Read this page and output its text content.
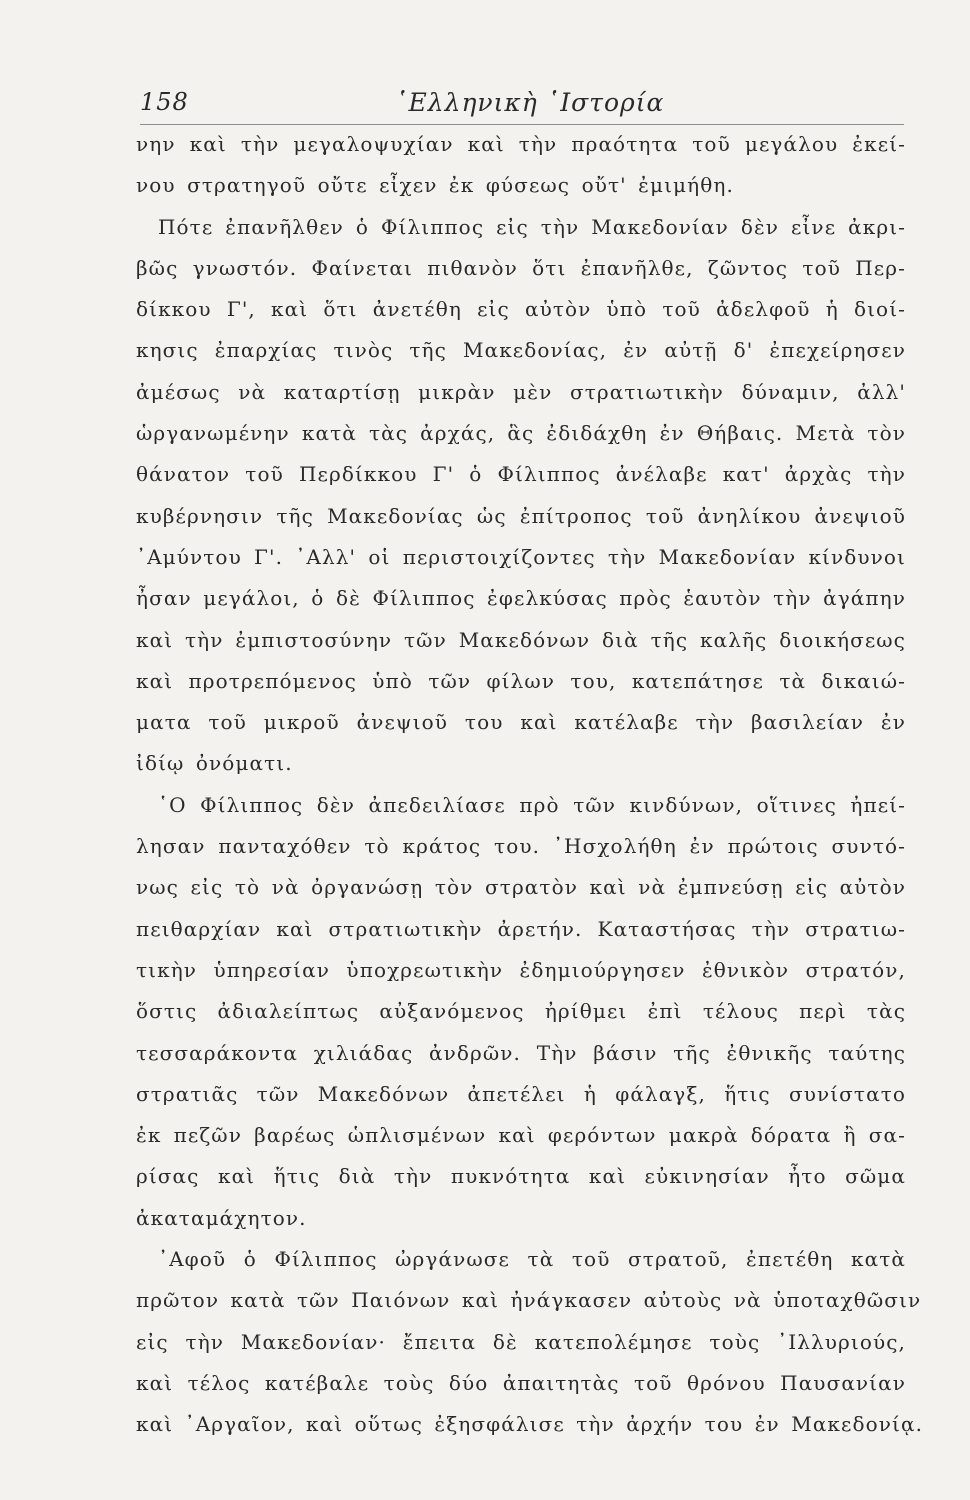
158	῾Ελληνικὴ ῾Ιστορία
νην καὶ τὴν μεγαλοψυχίαν καὶ τὴν πραότητα τοῦ μεγάλου ἐκεί-
νου στρατηγοῦ οὔτε εἶχεν ἐκ φύσεως οὔτ' ἐμιμήθη.
Πότε ἐπανῆλθεν ὁ Φίλιππος εἰς τὴν Μακεδονίαν δὲν εἶνε ἀκρι-
βῶς γνωστόν. Φαίνεται πιθανὸν ὅτι ἐπανῆλθε, ζῶντος τοῦ Περ-
δίκκου Γ', καὶ ὅτι ἀνετέθη εἰς αὐτὸν ὑπὸ τοῦ ἀδελφοῦ ἡ διοί-
κησις ἐπαρχίας τινὸς τῆς Μακεδονίας, ἐν αὐτῇ δ' ἐπεχείρησεν
ἀμέσως νὰ καταρτίσῃ μικρὰν μὲν στρατιωτικὴν δύναμιν, ἀλλ'
ὡργανωμένην κατὰ τὰς ἀρχάς, ἃς ἐδιδάχθη ἐν Θήβαις. Μετὰ τὸν
θάνατον τοῦ Περδίκκου Γ' ὁ Φίλιππος ἀνέλαβε κατ' ἀρχὰς τὴν
κυβέρνησιν τῆς Μακεδονίας ὡς ἐπίτροπος τοῦ ἀνηλίκου ἀνεψιοῦ
᾿Αμύντου Γ'. ᾿Αλλ' οἱ περιστοιχίζοντες τὴν Μακεδονίαν κίνδυνοι
ἦσαν μεγάλοι, ὁ δὲ Φίλιππος ἐφελκύσας πρὸς ἑαυτὸν τὴν ἀγάπην
καὶ τὴν ἐμπιστοσύνην τῶν Μακεδόνων διὰ τῆς καλῆς διοικήσεως
καὶ προτρεπόμενος ὑπὸ τῶν φίλων του, κατεπάτησε τὰ δικαιώ-
ματα τοῦ μικροῦ ἀνεψιοῦ του καὶ κατέλαβε τὴν βασιλείαν ἐν
ἰδίῳ ὀνόματι.
῾Ο Φίλιππος δὲν ἀπεδειλίασε πρὸ τῶν κινδύνων, οἵτινες ἠπεί-
λησαν πανταχόθεν τὸ κράτος του. ᾿Ησχολήθη ἐν πρώτοις συντό-
νως εἰς τὸ νὰ ὀργανώσῃ τὸν στρατὸν καὶ νὰ ἐμπνεύσῃ εἰς αὐτὸν
πειθαρχίαν καὶ στρατιωτικὴν ἀρετήν. Καταστήσας τὴν στρατιω-
τικὴν ὑπηρεσίαν ὑποχρεωτικὴν ἐδημιούργησεν ἐθνικὸν στρατόν,
ὅστις ἀδιαλείπτως αὐξανόμενος ἠρίθμει ἐπὶ τέλους περὶ τὰς
τεσσαράκοντα χιλιάδας ἀνδρῶν. Τὴν βάσιν τῆς ἐθνικῆς ταύτης
στρατιᾶς τῶν Μακεδόνων ἀπετέλει ἡ φάλαγξ, ἥτις συνίστατο
ἐκ πεζῶν βαρέως ὡπλισμένων καὶ φερόντων μακρὰ δόρατα ἢ σα-
ρίσας καὶ ἥτις διὰ τὴν πυκνότητα καὶ εὐκινησίαν ἦτο σῶμα
ἀκαταμάχητον.
᾿Αφοῦ ὁ Φίλιππος ὠργάνωσε τὰ τοῦ στρατοῦ, ἐπετέθη κατὰ
πρῶτον κατὰ τῶν Παιόνων καὶ ἠνάγκασεν αὐτοὺς νὰ ὑποταχθῶσιν
εἰς τὴν Μακεδονίαν· ἔπειτα δὲ κατεπολέμησε τοὺς ᾿Ιλλυριούς,
καὶ τέλος κατέβαλε τοὺς δύο ἀπαιτητὰς τοῦ θρόνου Παυσανίαν
καὶ ᾿Αργαῖον, καὶ οὕτως ἐξησφάλισε τὴν ἀρχήν του ἐν Μακεδονίᾳ.
